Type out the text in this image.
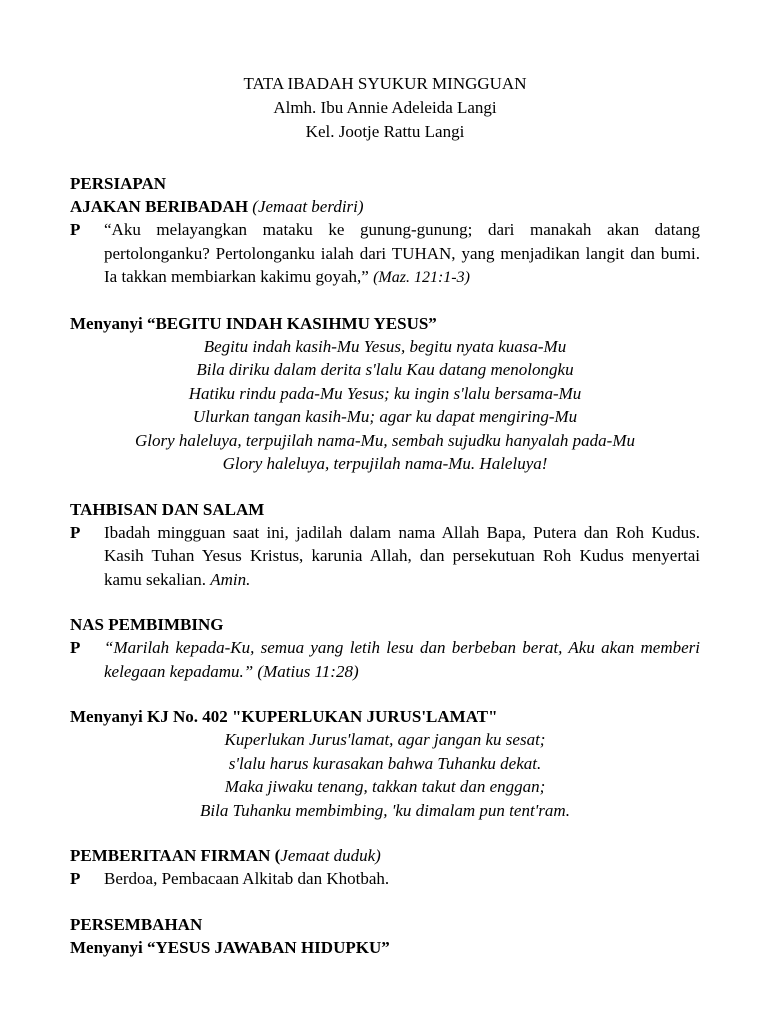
TATA IBADAH SYUKUR MINGGUAN
Almh. Ibu Annie Adeleida Langi
Kel. Jootje Rattu Langi
PERSIAPAN
AJAKAN BERIBADAH (Jemaat berdiri)
P	“Aku melayangkan mataku ke gunung-gunung; dari manakah akan datang pertolonganku? Pertolonganku ialah dari TUHAN, yang menjadikan langit dan bumi. Ia takkan membiarkan kakimu goyah,” (Maz. 121:1-3)
Menyanyi “BEGITU INDAH KASIHMU YESUS”
Begitu indah kasih-Mu Yesus, begitu nyata kuasa-Mu
Bila diriku dalam derita s'lalu Kau datang menolongku
Hatiku rindu pada-Mu Yesus; ku ingin s'lalu bersama-Mu
Ulurkan tangan kasih-Mu; agar ku dapat mengiring-Mu
Glory haleluya, terpujilah nama-Mu, sembah sujudku hanyalah pada-Mu
Glory haleluya, terpujilah nama-Mu. Haleluya!
TAHBISAN DAN SALAM
P	Ibadah mingguan saat ini, jadilah dalam nama Allah Bapa, Putera dan Roh Kudus. Kasih Tuhan Yesus Kristus, karunia Allah, dan persekutuan Roh Kudus menyertai kamu sekalian. Amin.
NAS PEMBIMBING
P	“Marilah kepada-Ku, semua yang letih lesu dan berbeban berat, Aku akan memberi kelegaan kepadamu.” (Matius 11:28)
Menyanyi KJ No. 402 "KUPERLUKAN JURUS'LAMAT"
Kuperlukan Jurus'lamat, agar jangan ku sesat;
s'lalu harus kurasakan bahwa Tuhanku dekat.
Maka jiwaku tenang, takkan takut dan enggan;
Bila Tuhanku membimbing, 'ku dimalam pun tent'ram.
PEMBERITAAN FIRMAN (Jemaat duduk)
P	Berdoa, Pembacaan Alkitab dan Khotbah.
PERSEMBAHAN
Menyanyi “YESUS JAWABAN HIDUPKU”
